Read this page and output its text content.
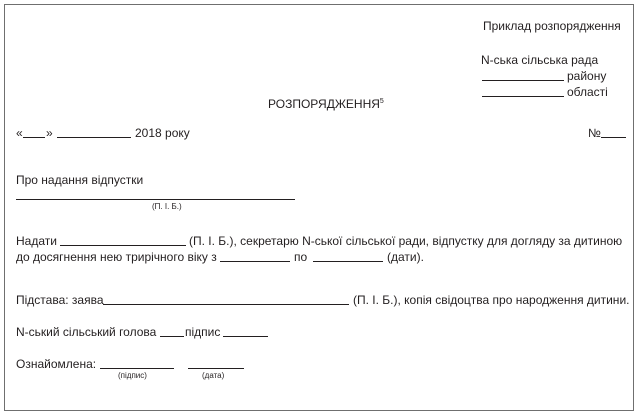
Приклад розпорядження
N-ська сільська рада
району
області
РОЗПОРЯДЖЕННЯ$^5$
« »	2018 року	№
Про надання відпустки
(П. І. Б.)
Надати	(П. І. Б.), секретарю N-ської сільської ради, відпустку для догляду за дитиною
до досягнення нею трирічного віку з	по	(дати).
Підстава: заява	(П. І. Б.), копія свідоцтва про народження дитини.
N-ський сільський голова підпис
Ознайомлена:
(підпис)	(дата)
